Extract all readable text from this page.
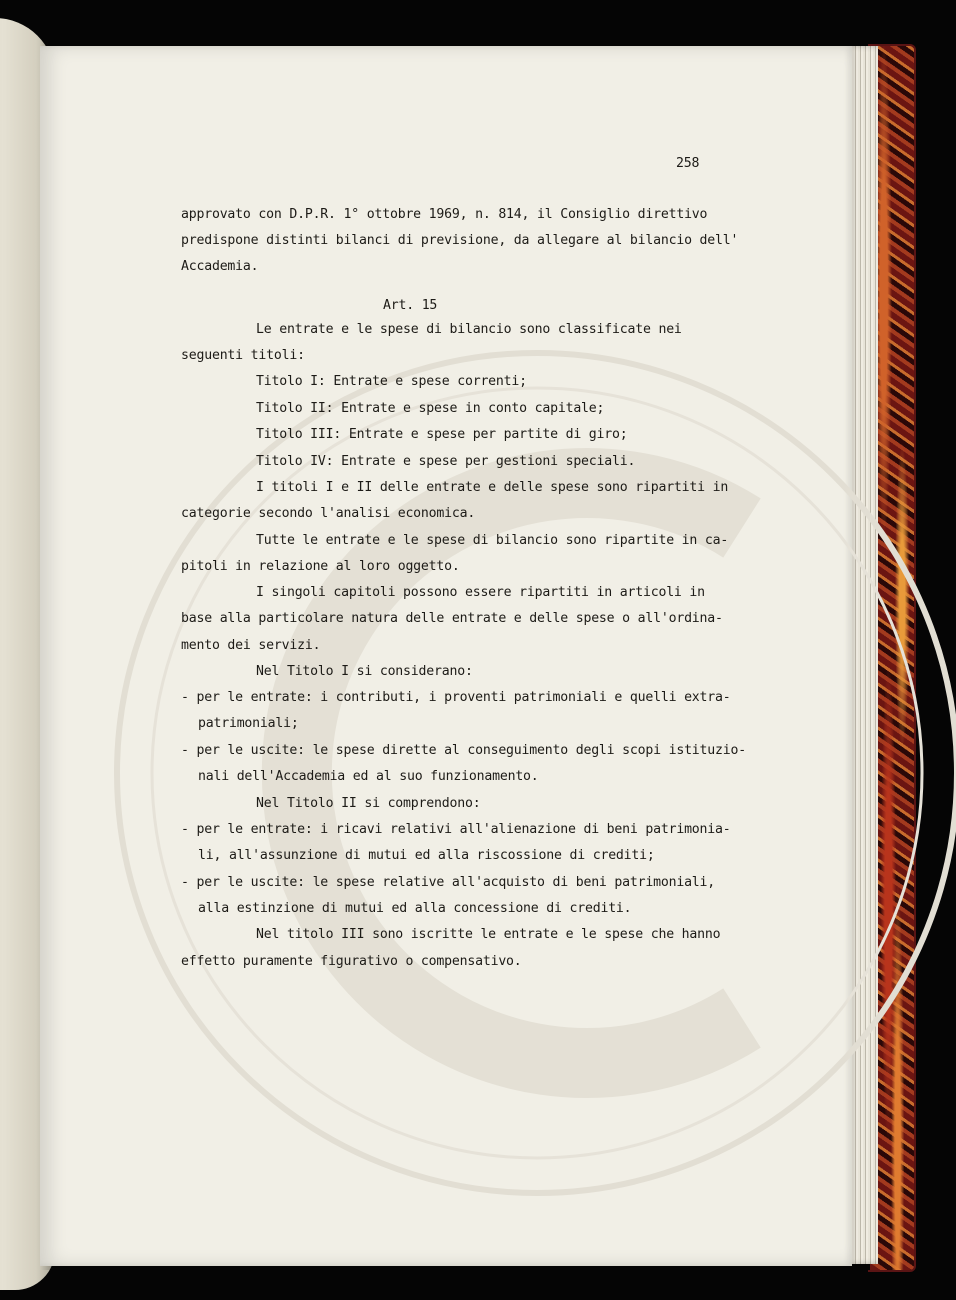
258
approvato con D.P.R. 1° ottobre 1969, n. 814, il Consiglio direttivo
predispone distinti bilanci di previsione, da allegare al bilancio dell'
Accademia.
Art. 15
Le entrate e le spese di bilancio sono classificate nei
seguenti titoli:
Titolo I: Entrate e spese correnti;
Titolo II: Entrate e spese in conto capitale;
Titolo III: Entrate e spese per partite di giro;
Titolo IV: Entrate e spese per gestioni speciali.
I titoli I e II delle entrate e delle spese sono ripartiti in
categorie secondo l'analisi economica.
Tutte le entrate e le spese di bilancio sono ripartite in ca-
pitoli in relazione al loro oggetto.
I singoli capitoli possono essere ripartiti in articoli in
base alla particolare natura delle entrate e delle spese o all'ordina-
mento dei servizi.
Nel Titolo I si considerano:
- per le entrate: i contributi, i proventi patrimoniali e quelli extra-
patrimoniali;
- per le uscite: le spese dirette al conseguimento degli scopi istituzio-
nali dell'Accademia ed al suo funzionamento.
Nel Titolo II si comprendono:
- per le entrate: i ricavi relativi all'alienazione di beni patrimonia-
li, all'assunzione di mutui ed alla riscossione di crediti;
- per le uscite: le spese relative all'acquisto di beni patrimoniali,
alla estinzione di mutui ed alla concessione di crediti.
Nel titolo III sono iscritte le entrate e le spese che hanno
effetto puramente figurativo o compensativo.
